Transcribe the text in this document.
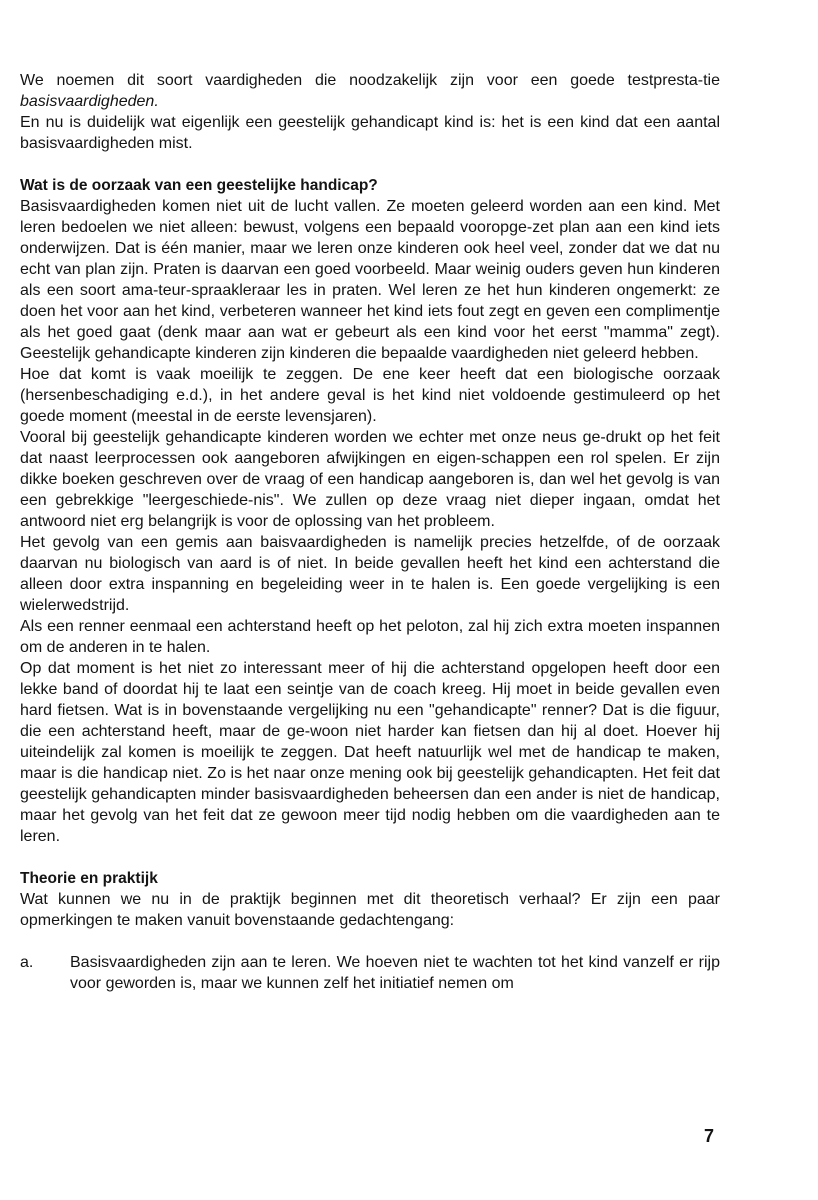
We noemen dit soort vaardigheden die noodzakelijk zijn voor een goede testpresta-tie basisvaardigheden.

En nu is duidelijk wat eigenlijk een geestelijk gehandicapt kind is: het is een kind dat een aantal basisvaardigheden mist.

Wat is de oorzaak van een geestelijke handicap?

Basisvaardigheden komen niet uit de lucht vallen. Ze moeten geleerd worden aan een kind. Met leren bedoelen we niet alleen: bewust, volgens een bepaald vooropge-zet plan aan een kind iets onderwijzen. Dat is één manier, maar we leren onze kinderen ook heel veel, zonder dat we dat nu echt van plan zijn. Praten is daarvan een goed voorbeeld. Maar weinig ouders geven hun kinderen als een soort ama-teur-spraakleraar les in praten. Wel leren ze het hun kinderen ongemerkt: ze doen het voor aan het kind, verbeteren wanneer het kind iets fout zegt en geven een complimentje als het goed gaat (denk maar aan wat er gebeurt als een kind voor het eerst "mamma" zegt). Geestelijk gehandicapte kinderen zijn kinderen die bepaalde vaardigheden niet geleerd hebben.

Hoe dat komt is vaak moeilijk te zeggen. De ene keer heeft dat een biologische oorzaak (hersenbeschadiging e.d.), in het andere geval is het kind niet voldoende gestimuleerd op het goede moment (meestal in de eerste levensjaren).

Vooral bij geestelijk gehandicapte kinderen worden we echter met onze neus ge-drukt op het feit dat naast leerprocessen ook aangeboren afwijkingen en eigen-schappen een rol spelen. Er zijn dikke boeken geschreven over de vraag of een handicap aangeboren is, dan wel het gevolg is van een gebrekkige "leergeschiede-nis". We zullen op deze vraag niet dieper ingaan, omdat het antwoord niet erg belangrijk is voor de oplossing van het probleem.

Het gevolg van een gemis aan baisvaardigheden is namelijk precies hetzelfde, of de oorzaak daarvan nu biologisch van aard is of niet. In beide gevallen heeft het kind een achterstand die alleen door extra inspanning en begeleiding weer in te halen is. Een goede vergelijking is een wielerwedstrijd.

Als een renner eenmaal een achterstand heeft op het peloton, zal hij zich extra moeten inspannen om de anderen in te halen.

Op dat moment is het niet zo interessant meer of hij die achterstand opgelopen heeft door een lekke band of doordat hij te laat een seintje van de coach kreeg. Hij moet in beide gevallen even hard fietsen. Wat is in bovenstaande vergelijking nu een "gehandicapte" renner? Dat is die figuur, die een achterstand heeft, maar de ge-woon niet harder kan fietsen dan hij al doet. Hoever hij uiteindelijk zal komen is moeilijk te zeggen. Dat heeft natuurlijk wel met de handicap te maken, maar is die handicap niet. Zo is het naar onze mening ook bij geestelijk gehandicapten. Het feit dat geestelijk gehandicapten minder basisvaardigheden beheersen dan een ander is niet de handicap, maar het gevolg van het feit dat ze gewoon meer tijd nodig hebben om die vaardigheden aan te leren.

Theorie en praktijk

Wat kunnen we nu in de praktijk beginnen met dit theoretisch verhaal? Er zijn een paar opmerkingen te maken vanuit bovenstaande gedachtengang:

a.	Basisvaardigheden zijn aan te leren. We hoeven niet te wachten tot het kind vanzelf er rijp voor geworden is, maar we kunnen zelf het initiatief nemen om
7
